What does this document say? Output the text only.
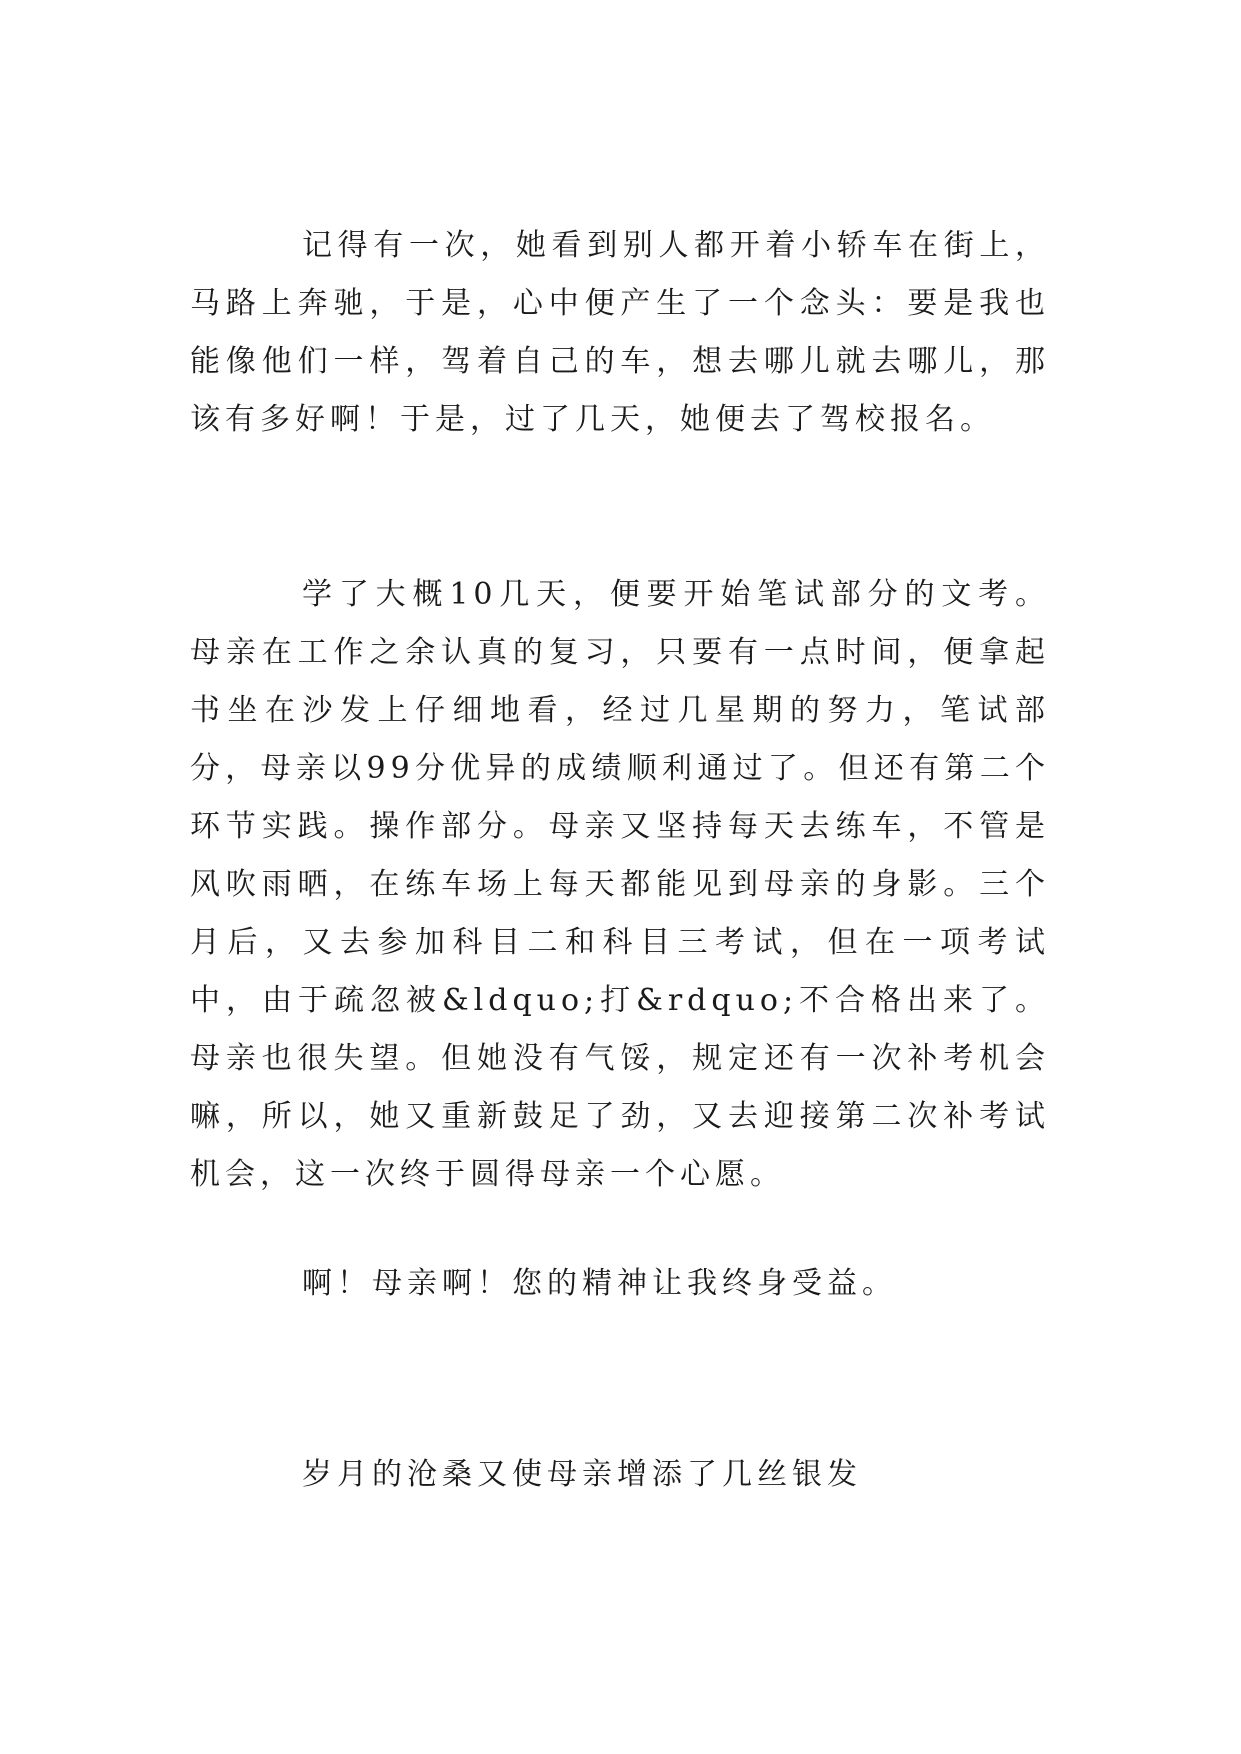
记得有一次，她看到别人都开着小轿车在街上，马路上奔驰，于是，心中便产生了一个念头：要是我也能像他们一样，驾着自己的车，想去哪儿就去哪儿，那该有多好啊！于是，过了几天，她便去了驾校报名。

学了大概10几天，便要开始笔试部分的文考。母亲在工作之余认真的复习，只要有一点时间，便拿起书坐在沙发上仔细地看，经过几星期的努力，笔试部分，母亲以99分优异的成绩顺利通过了。但还有第二个环节实践。操作部分。母亲又坚持每天去练车，不管是风吹雨晒，在练车场上每天都能见到母亲的身影。三个月后，又去参加科目二和科目三考试，但在一项考试中，由于疏忽被&ldquo;打&rdquo;不合格出来了。母亲也很失望。但她没有气馁，规定还有一次补考机会嘛，所以，她又重新鼓足了劲，又去迎接第二次补考试机会，这一次终于圆得母亲一个心愿。

啊！母亲啊！您的精神让我终身受益。

岁月的沧桑又使母亲增添了几丝银发
